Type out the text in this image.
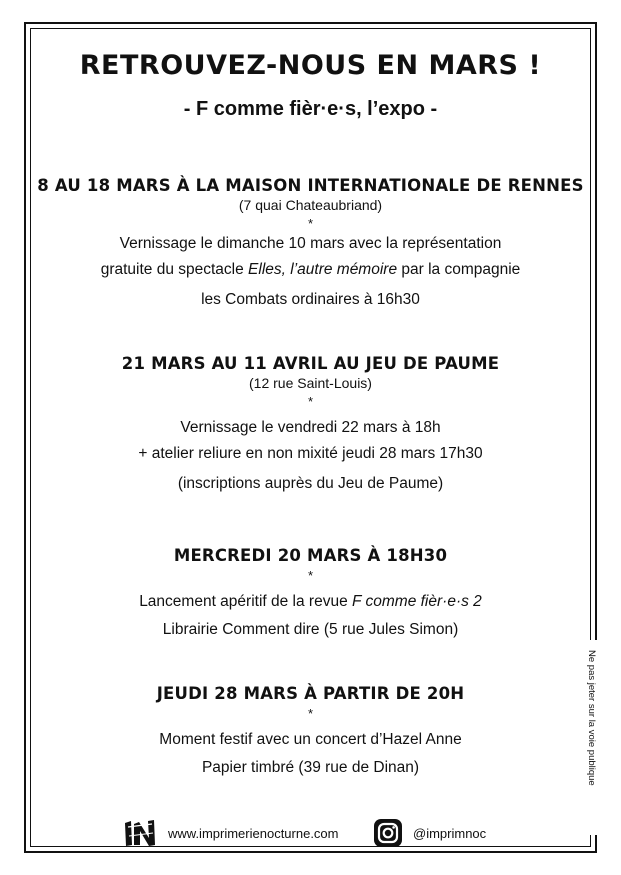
RETROUVEZ-NOUS EN MARS !
- F comme fièr·e·s, l’expo -
8 AU 18 MARS À LA MAISON INTERNATIONALE DE RENNES
(7 quai Chateaubriand)
*
Vernissage le dimanche 10 mars avec la représentation
gratuite du spectacle Elles, l’autre mémoire par la compagnie
les Combats ordinaires à 16h30
21 MARS AU 11 AVRIL AU JEU DE PAUME
(12 rue Saint-Louis)
*
Vernissage le vendredi 22 mars à 18h
+ atelier reliure en non mixité jeudi 28 mars 17h30
(inscriptions auprès du Jeu de Paume)
MERCREDI 20 MARS À 18H30
*
Lancement apéritif de la revue F comme fièr·e·s 2
Librairie Comment dire (5 rue Jules Simon)
JEUDI 28 MARS À PARTIR DE 20H
*
Moment festif avec un concert d’Hazel Anne
Papier timbré (39 rue de Dinan)
www.imprimerienocturne.com	@imprimnoc
Ne pas jeter sur la voie publique
